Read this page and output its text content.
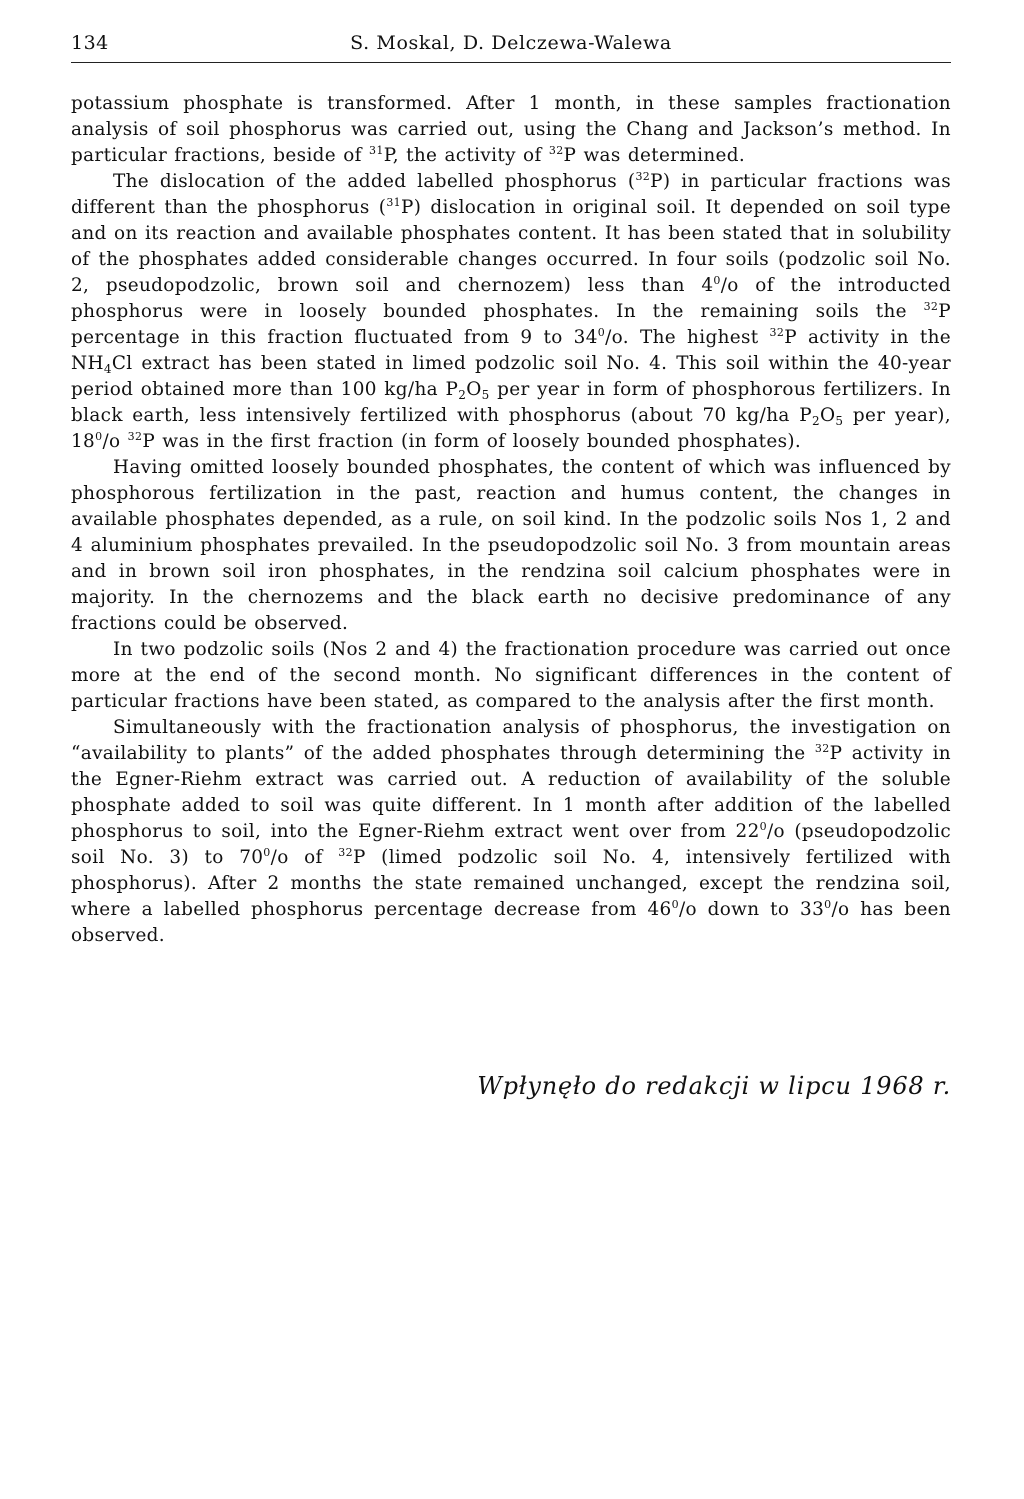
134	S. Moskal, D. Delczewa-Walewa

potassium phosphate is transformed. After 1 month, in these samples fractionation analysis of soil phosphorus was carried out, using the Chang and Jackson’s method. In particular fractions, beside of $^{31}$P, the activity of $^{32}$P was determined.

The dislocation of the added labelled phosphorus ($^{32}$P) in particular fractions was different than the phosphorus ($^{31}$P) dislocation in original soil. It depended on soil type and on its reaction and available phosphates content. It has been stated that in solubility of the phosphates added considerable changes occurred. In four soils (podzolic soil No. 2, pseudopodzolic, brown soil and chernozem) less than $4^0/o$ of the introducted phosphorus were in loosely bounded phosphates. In the remaining soils the $^{32}$P percentage in this fraction fluctuated from 9 to $34^0/o$. The highest $^{32}$P activity in the $NH_4Cl$ extract has been stated in limed podzolic soil No. 4. This soil within the 40-year period obtained more than 100 kg/ha $P_2O_5$ per year in form of phosphorous fertilizers. In black earth, less intensively fertilized with phosphorus (about 70 kg/ha $P_2O_5$ per year), $18^0/o$ $^{32}$P was in the first fraction (in form of loosely bounded phosphates).

Having omitted loosely bounded phosphates, the content of which was influenced by phosphorous fertilization in the past, reaction and humus content, the changes in available phosphates depended, as a rule, on soil kind. In the podzolic soils Nos 1, 2 and 4 aluminium phosphates prevailed. In the pseudopodzolic soil No. 3 from mountain areas and in brown soil iron phosphates, in the rendzina soil calcium phosphates were in majority. In the chernozems and the black earth no decisive predominance of any fractions could be observed.

In two podzolic soils (Nos 2 and 4) the fractionation procedure was carried out once more at the end of the second month. No significant differences in the content of particular fractions have been stated, as compared to the analysis after the first month.

Simultaneously with the fractionation analysis of phosphorus, the investigation on “availability to plants” of the added phosphates through determining the $^{32}$P activity in the Egner-Riehm extract was carried out. A reduction of availability of the soluble phosphate added to soil was quite different. In 1 month after addition of the labelled phosphorus to soil, into the Egner-Riehm extract went over from $22^0/o$ (pseudopodzolic soil No. 3) to $70^0/o$ of $^{32}$P (limed podzolic soil No. 4, intensively fertilized with phosphorus). After 2 months the state remained unchanged, except the rendzina soil, where a labelled phosphorus percentage decrease from $46^0/o$ down to $33^0/o$ has been observed.

Wpłynęło do redakcji w lipcu 1968 r.
